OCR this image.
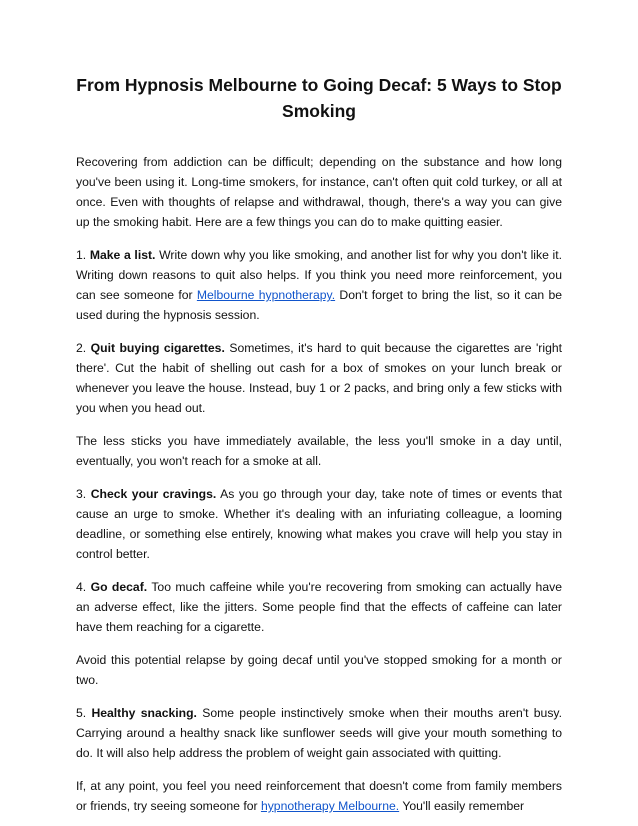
From Hypnosis Melbourne to Going Decaf: 5 Ways to Stop Smoking

Recovering from addiction can be difficult; depending on the substance and how long you've been using it. Long-time smokers, for instance, can't often quit cold turkey, or all at once. Even with thoughts of relapse and withdrawal, though, there's a way you can give up the smoking habit. Here are a few things you can do to make quitting easier.

1. Make a list. Write down why you like smoking, and another list for why you don't like it. Writing down reasons to quit also helps. If you think you need more reinforcement, you can see someone for Melbourne hypnotherapy. Don't forget to bring the list, so it can be used during the hypnosis session.

2. Quit buying cigarettes. Sometimes, it's hard to quit because the cigarettes are 'right there'. Cut the habit of shelling out cash for a box of smokes on your lunch break or whenever you leave the house. Instead, buy 1 or 2 packs, and bring only a few sticks with you when you head out.

The less sticks you have immediately available, the less you'll smoke in a day until, eventually, you won't reach for a smoke at all.

3. Check your cravings. As you go through your day, take note of times or events that cause an urge to smoke. Whether it's dealing with an infuriating colleague, a looming deadline, or something else entirely, knowing what makes you crave will help you stay in control better.

4. Go decaf. Too much caffeine while you're recovering from smoking can actually have an adverse effect, like the jitters. Some people find that the effects of caffeine can later have them reaching for a cigarette.

Avoid this potential relapse by going decaf until you've stopped smoking for a month or two.

5. Healthy snacking. Some people instinctively smoke when their mouths aren't busy. Carrying around a healthy snack like sunflower seeds will give your mouth something to do. It will also help address the problem of weight gain associated with quitting.

If, at any point, you feel you need reinforcement that doesn't come from family members or friends, try seeing someone for hypnotherapy Melbourne. You'll easily remember
